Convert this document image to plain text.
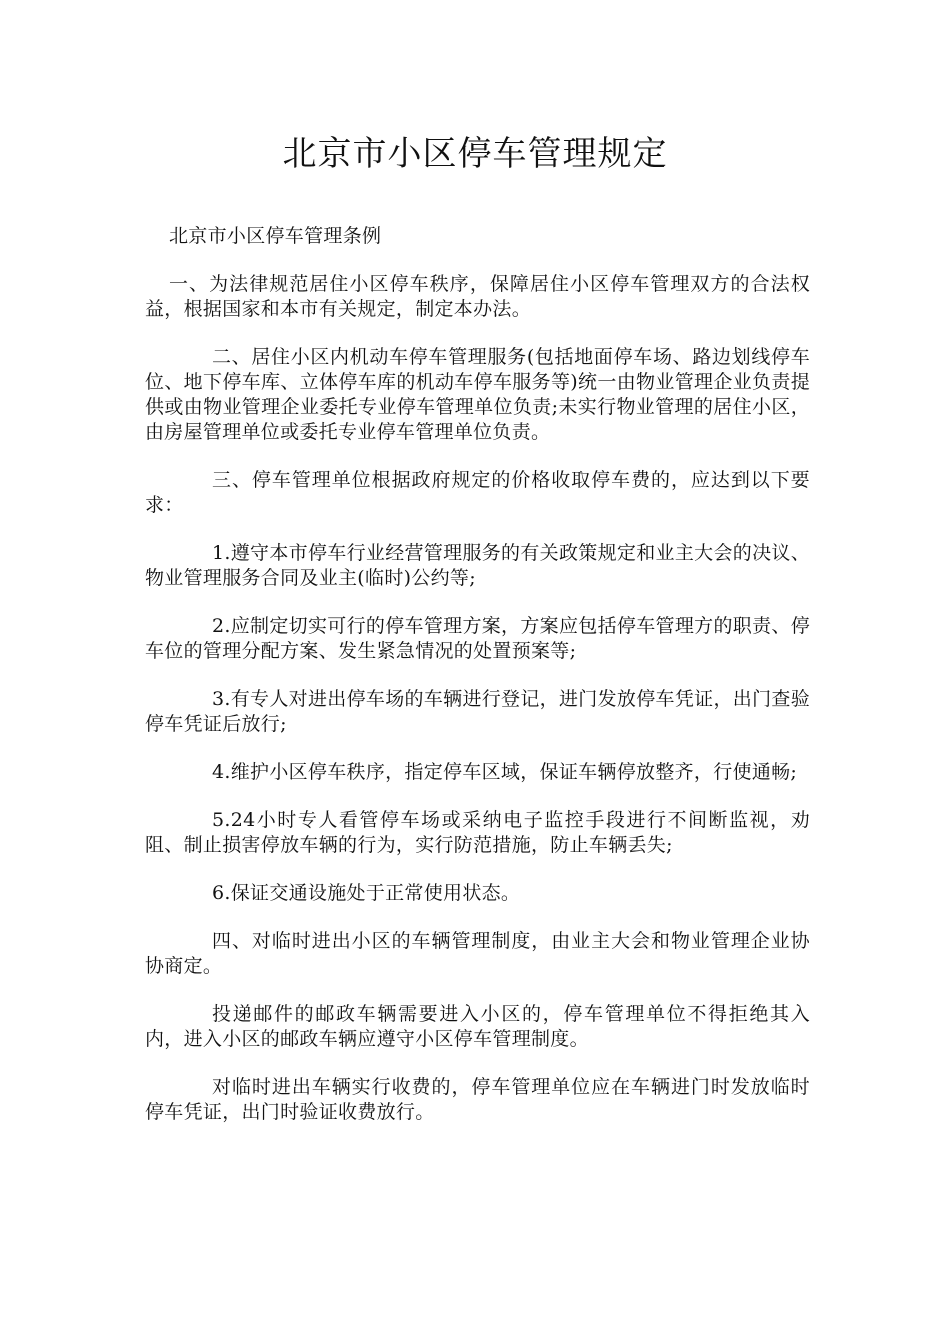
北京市小区停车管理规定

北京市小区停车管理条例

一、为法律规范居住小区停车秩序，保障居住小区停车管理双方的合法权益，根据国家和本市有关规定，制定本办法。

二、居住小区内机动车停车管理服务(包括地面停车场、路边划线停车位、地下停车库、立体停车库的机动车停车服务等)统一由物业管理企业负责提供或由物业管理企业委托专业停车管理单位负责;未实行物业管理的居住小区，由房屋管理单位或委托专业停车管理单位负责。

三、停车管理单位根据政府规定的价格收取停车费的，应达到以下要求：

1.遵守本市停车行业经营管理服务的有关政策规定和业主大会的决议、物业管理服务合同及业主(临时)公约等;

2.应制定切实可行的停车管理方案，方案应包括停车管理方的职责、停车位的管理分配方案、发生紧急情况的处置预案等;

3.有专人对进出停车场的车辆进行登记，进门发放停车凭证，出门查验停车凭证后放行;

4.维护小区停车秩序，指定停车区域，保证车辆停放整齐，行使通畅;

5.24小时专人看管停车场或采纳电子监控手段进行不间断监视，劝阻、制止损害停放车辆的行为，实行防范措施，防止车辆丢失;

6.保证交通设施处于正常使用状态。

四、对临时进出小区的车辆管理制度，由业主大会和物业管理企业协协商定。

投递邮件的邮政车辆需要进入小区的，停车管理单位不得拒绝其入内，进入小区的邮政车辆应遵守小区停车管理制度。

对临时进出车辆实行收费的，停车管理单位应在车辆进门时发放临时停车凭证，出门时验证收费放行。
